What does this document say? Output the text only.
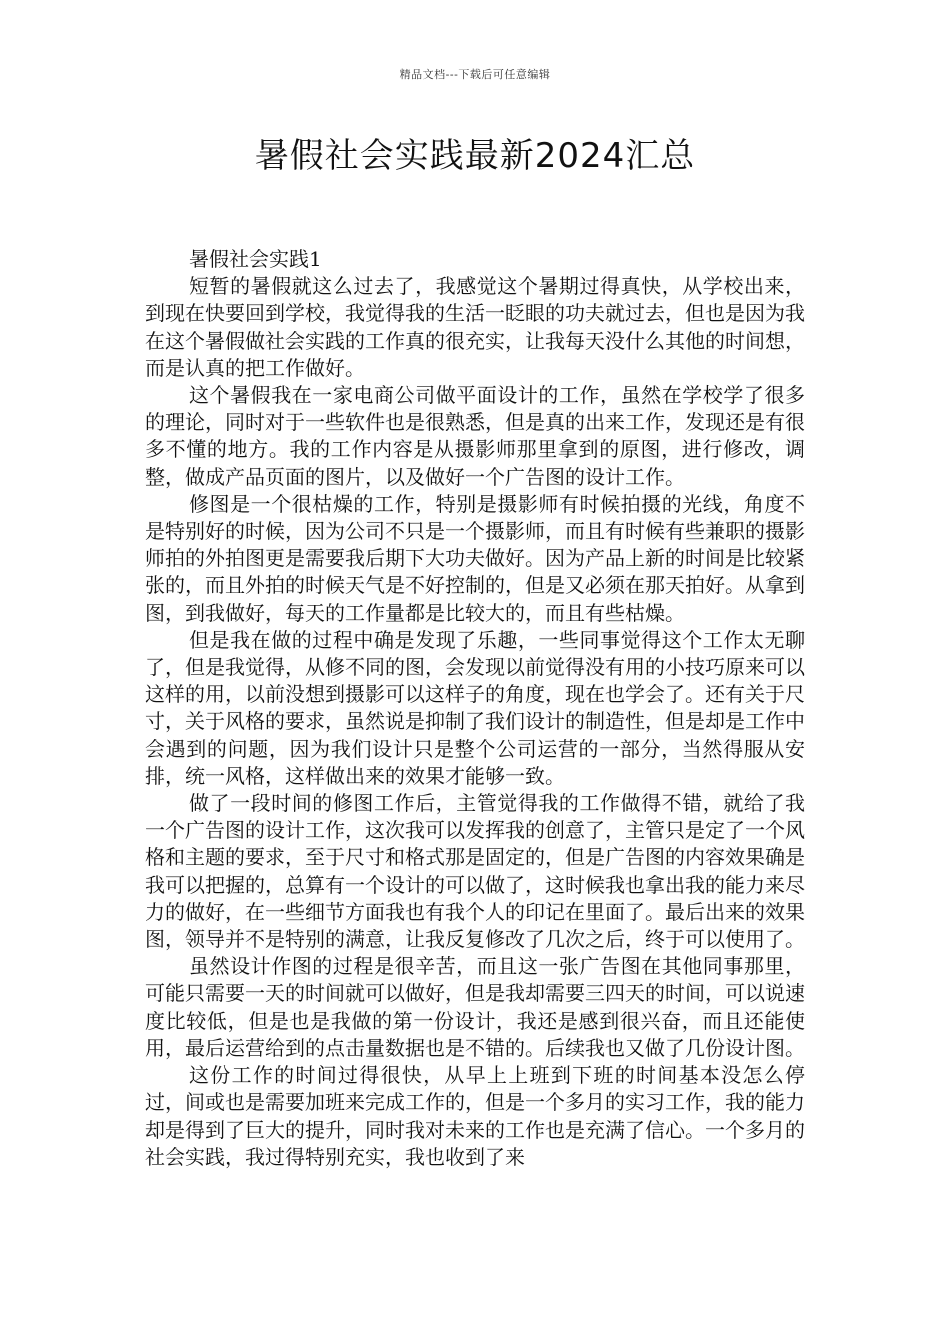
精品文档---下载后可任意编辑
暑假社会实践最新2024汇总

暑假社会实践1

短暂的暑假就这么过去了，我感觉这个暑期过得真快，从学校出来，到现在快要回到学校，我觉得我的生活一眨眼的功夫就过去，但也是因为我在这个暑假做社会实践的工作真的很充实，让我每天没什么其他的时间想，而是认真的把工作做好。

这个暑假我在一家电商公司做平面设计的工作，虽然在学校学了很多的理论，同时对于一些软件也是很熟悉，但是真的出来工作，发现还是有很多不懂的地方。我的工作内容是从摄影师那里拿到的原图，进行修改，调整，做成产品页面的图片，以及做好一个广告图的设计工作。

修图是一个很枯燥的工作，特别是摄影师有时候拍摄的光线，角度不是特别好的时候，因为公司不只是一个摄影师，而且有时候有些兼职的摄影师拍的外拍图更是需要我后期下大功夫做好。因为产品上新的时间是比较紧张的，而且外拍的时候天气是不好控制的，但是又必须在那天拍好。从拿到图，到我做好，每天的工作量都是比较大的，而且有些枯燥。

但是我在做的过程中确是发现了乐趣，一些同事觉得这个工作太无聊了，但是我觉得，从修不同的图，会发现以前觉得没有用的小技巧原来可以这样的用，以前没想到摄影可以这样子的角度，现在也学会了。还有关于尺寸，关于风格的要求，虽然说是抑制了我们设计的制造性，但是却是工作中会遇到的问题，因为我们设计只是整个公司运营的一部分，当然得服从安排，统一风格，这样做出来的效果才能够一致。

做了一段时间的修图工作后，主管觉得我的工作做得不错，就给了我一个广告图的设计工作，这次我可以发挥我的创意了，主管只是定了一个风格和主题的要求，至于尺寸和格式那是固定的，但是广告图的内容效果确是我可以把握的，总算有一个设计的可以做了，这时候我也拿出我的能力来尽力的做好，在一些细节方面我也有我个人的印记在里面了。最后出来的效果图，领导并不是特别的满意，让我反复修改了几次之后，终于可以使用了。

虽然设计作图的过程是很辛苦，而且这一张广告图在其他同事那里，可能只需要一天的时间就可以做好，但是我却需要三四天的时间，可以说速度比较低，但是也是我做的第一份设计，我还是感到很兴奋，而且还能使用，最后运营给到的点击量数据也是不错的。后续我也又做了几份设计图。

这份工作的时间过得很快，从早上上班到下班的时间基本没怎么停过，间或也是需要加班来完成工作的，但是一个多月的实习工作，我的能力却是得到了巨大的提升，同时我对未来的工作也是充满了信心。一个多月的社会实践，我过得特别充实，我也收到了来
